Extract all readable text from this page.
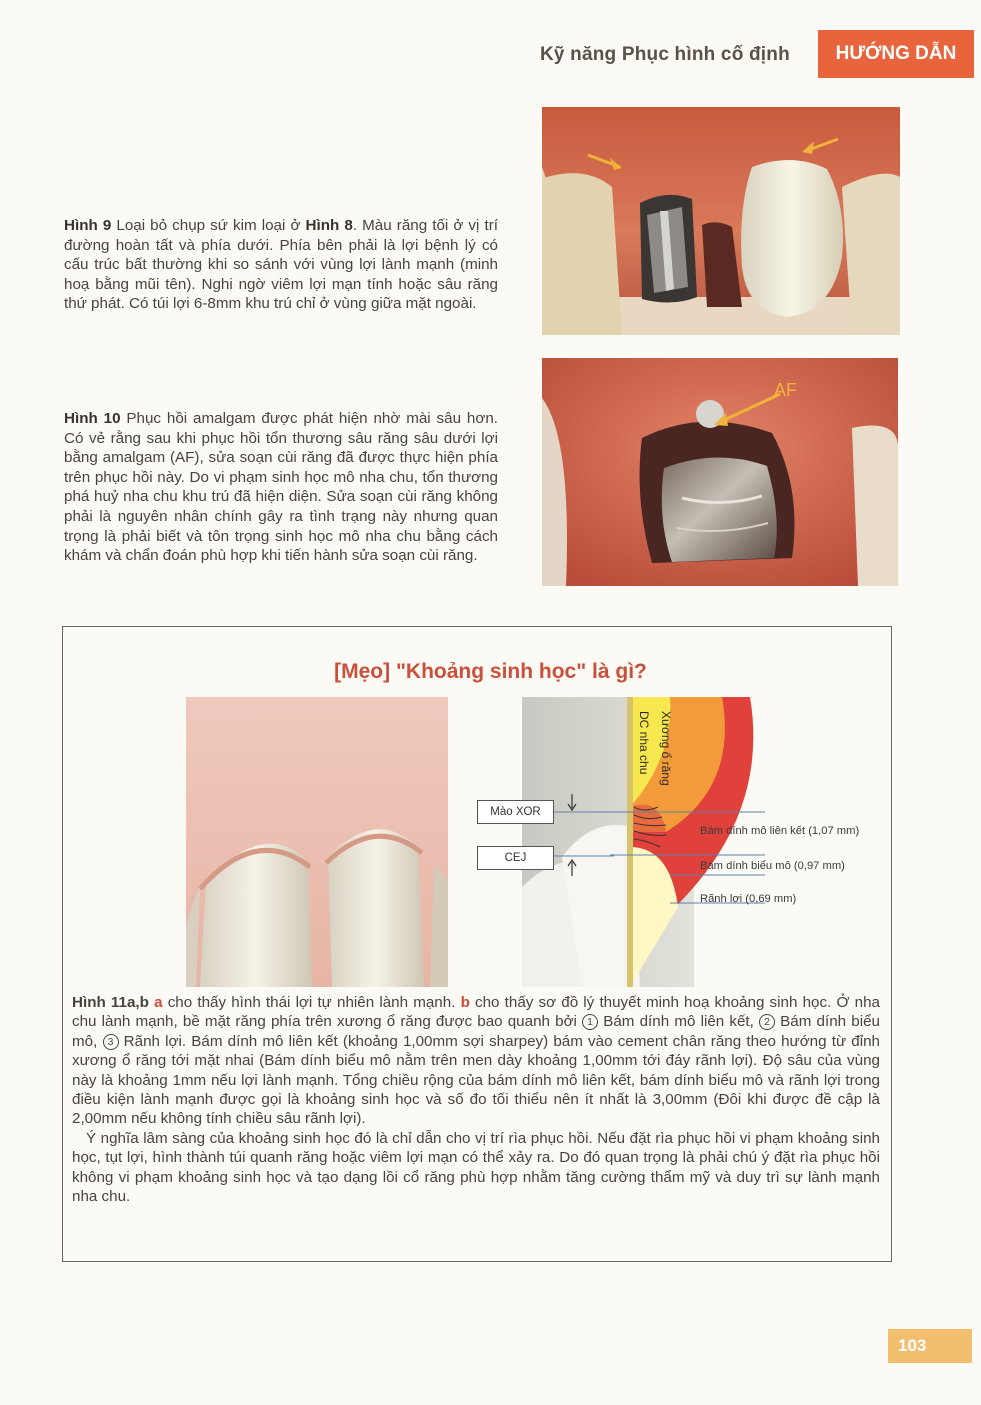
Kỹ năng Phục hình cố định	HƯỚNG DẪN
Hình 9 Loại bỏ chụp sứ kim loại ở Hình 8. Màu răng tối ở vị trí đường hoàn tất và phía dưới. Phía bên phải là lợi bệnh lý có cấu trúc bất thường khi so sánh với vùng lợi lành mạnh (minh hoạ bằng mũi tên). Nghi ngờ viêm lợi mạn tính hoặc sâu răng thứ phát. Có túi lợi 6-8mm khu trú chỉ ở vùng giữa mặt ngoài.
Hình 10 Phục hồi amalgam được phát hiện nhờ mài sâu hơn. Có vẻ rằng sau khi phục hồi tổn thương sâu răng sâu dưới lợi bằng amalgam (AF), sửa soạn cùi răng đã được thực hiện phía trên phục hồi này. Do vi phạm sinh học mô nha chu, tổn thương phá huỷ nha chu khu trú đã hiện diện. Sửa soạn cùi răng không phải là nguyên nhân chính gây ra tình trạng này nhưng quan trọng là phải biết và tôn trọng sinh học mô nha chu bằng cách khám và chẩn đoán phù hợp khi tiến hành sửa soạn cùi răng.
AF
[Mẹo] "Khoảng sinh học" là gì?
Xương ổ răng
DC nha chu
Mào XOR
CEJ
Bám dính mô liên kết (1,07 mm)
Bám dính biểu mô (0,97 mm)
Rãnh lợi (0,69 mm)

Hình 11a,b a cho thấy hình thái lợi tự nhiên lành mạnh. b cho thấy sơ đồ lý thuyết minh hoạ khoảng sinh học. Ở nha chu lành mạnh, bề mặt răng phía trên xương ổ răng được bao quanh bởi 1 Bám dính mô liên kết, 2 Bám dính biểu mô, 3 Rãnh lợi. Bám dính mô liên kết (khoảng 1,00mm sợi sharpey) bám vào cement chân răng theo hướng từ đỉnh xương ổ răng tới mặt nhai (Bám dính biểu mô nằm trên men dày khoảng 1,00mm tới đáy rãnh lợi). Độ sâu của vùng này là khoảng 1mm nếu lợi lành mạnh. Tổng chiều rộng của bám dính mô liên kết, bám dính biểu mô và rãnh lợi trong điều kiện lành mạnh được gọi là khoảng sinh học và số đo tối thiểu nên ít nhất là 3,00mm (Đôi khi được đề cập là 2,00mm nếu không tính chiều sâu rãnh lợi).

Ý nghĩa lâm sàng của khoảng sinh học đó là chỉ dẫn cho vị trí rìa phục hồi. Nếu đặt rìa phục hồi vi phạm khoảng sinh học, tụt lợi, hình thành túi quanh răng hoặc viêm lợi mạn có thể xảy ra. Do đó quan trọng là phải chú ý đặt rìa phục hồi không vi phạm khoảng sinh học và tạo dạng lồi cổ răng phù hợp nhằm tăng cường thẩm mỹ và duy trì sự lành mạnh nha chu.

103
